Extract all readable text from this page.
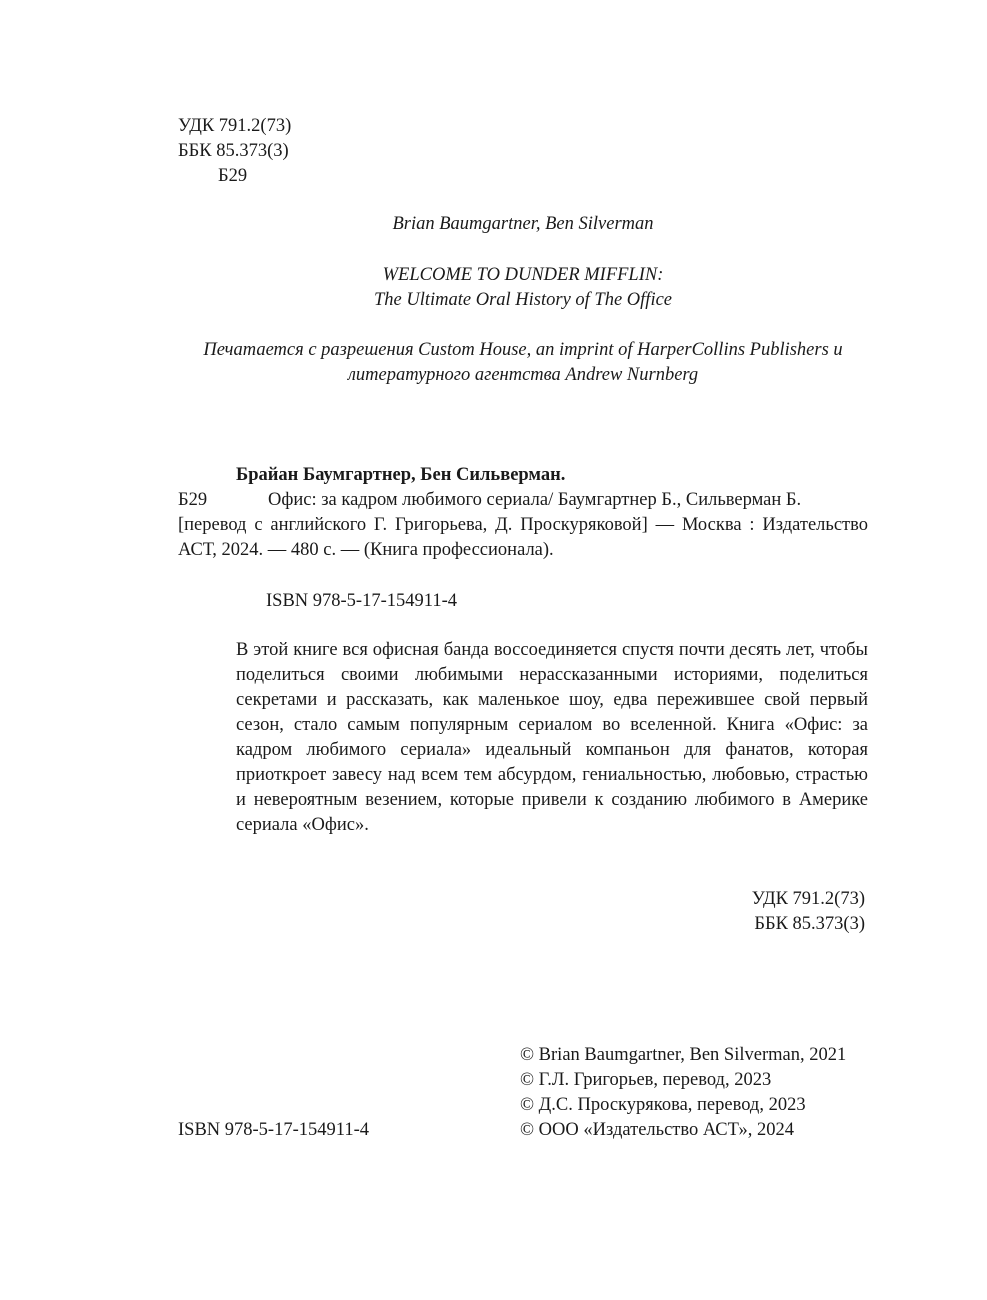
УДК 791.2(73)
ББК 85.373(3)
Б29
Brian Baumgartner, Ben Silverman
WELCOME TO DUNDER MIFFLIN:
The Ultimate Oral History of The Office
Печатается с разрешения Custom House, an imprint of HarperCollins Publishers и
литературного агентства Andrew Nurnberg
Брайан Баумгартнер, Бен Сильверман.
Б29	Офис: за кадром любимого сериала/ Баумгартнер Б., Сильверман Б.
[перевод с английского Г. Григорьева, Д. Проскуряковой] — Москва : Издательство АСТ, 2024. — 480 с. — (Книга профессионала).
ISBN 978-5-17-154911-4
В этой книге вся офисная банда воссоединяется спустя почти десять лет, чтобы поделиться своими любимыми нерассказанными историями, поделиться секретами и рассказать, как маленькое шоу, едва пережившее свой первый сезон, стало самым популярным сериалом во вселенной. Книга «Офис: за кадром любимого сериала» идеальный компаньон для фанатов, которая приоткроет завесу над всем тем абсурдом, гениальностью, любовью, страстью и невероятным везением, которые привели к созданию любимого в Америке сериала «Офис».
УДК 791.2(73)
ББК 85.373(3)
© Brian Baumgartner, Ben Silverman, 2021
© Г.Л. Григорьев, перевод, 2023
© Д.С. Проскурякова, перевод, 2023
© ООО «Издательство АСТ», 2024
ISBN 978-5-17-154911-4
